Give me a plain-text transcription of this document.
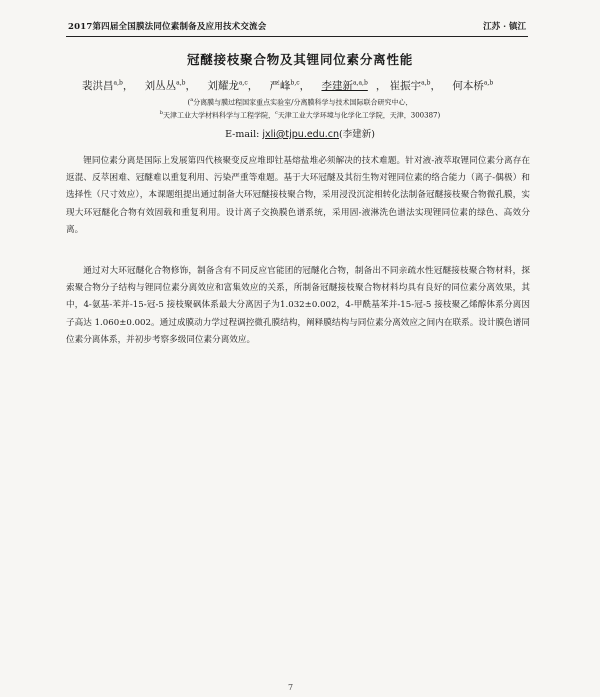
2017第四届全国膜法同位素制备及应用技术交流会	江苏 · 镇江
冠醚接枝聚合物及其锂同位素分离性能
裴洪昌$^{a,b}$， 刘丛丛$^{a,b}$， 刘耀龙$^{a,c}$， 严峰$^{b,c}$， 李建新$^{a,a,b}$ ， 崔振宇$^{a,b}$， 何本桥$^{a,b}$
($^a$分离膜与膜过程国家重点实验室/分离膜科学与技术国际联合研究中心，
$^b$天津工业大学材料科学与工程学院，$^c$天津工业大学环境与化学化工学院，天津，300387)
E-mail: jxli@tjpu.edu.cn(李建新)

锂同位素分离是国际上发展第四代核聚变反应堆即钍基熔盐堆必须解决的技术难题。针对液-液萃取锂同位素分离存在返混、反萃困难、冠醚难以重复利用、污染严重等难题。基于大环冠醚及其衍生物对锂同位素的络合能力（离子-偶极）和选择性（尺寸效应），本课题组提出通过制备大环冠醚接枝聚合物，采用浸没沉淀相转化法制备冠醚接枝聚合物微孔膜，实现大环冠醚化合物有效固载和重复利用。设计离子交换膜色谱系统，采用固-液淋洗色谱法实现锂同位素的绿色、高效分离。

通过对大环冠醚化合物修饰，制备含有不同反应官能团的冠醚化合物，制备出不同亲疏水性冠醚接枝聚合物材料，探索聚合物分子结构与锂同位素分离效应和富集效应的关系，所制备冠醚接枝聚合物材料均具有良好的同位素分离效果，其中，4-氨基-苯并-15-冠-5 接枝聚砜体系最大分离因子为1.032±0.002，4-甲酰基苯并-15-冠-5 接枝聚乙烯醇体系分离因子高达 1.060±0.002。通过成膜动力学过程调控微孔膜结构，阐释膜结构与同位素分离效应之间内在联系。设计膜色谱同位素分离体系，并初步考察多级同位素分离效应。

7
